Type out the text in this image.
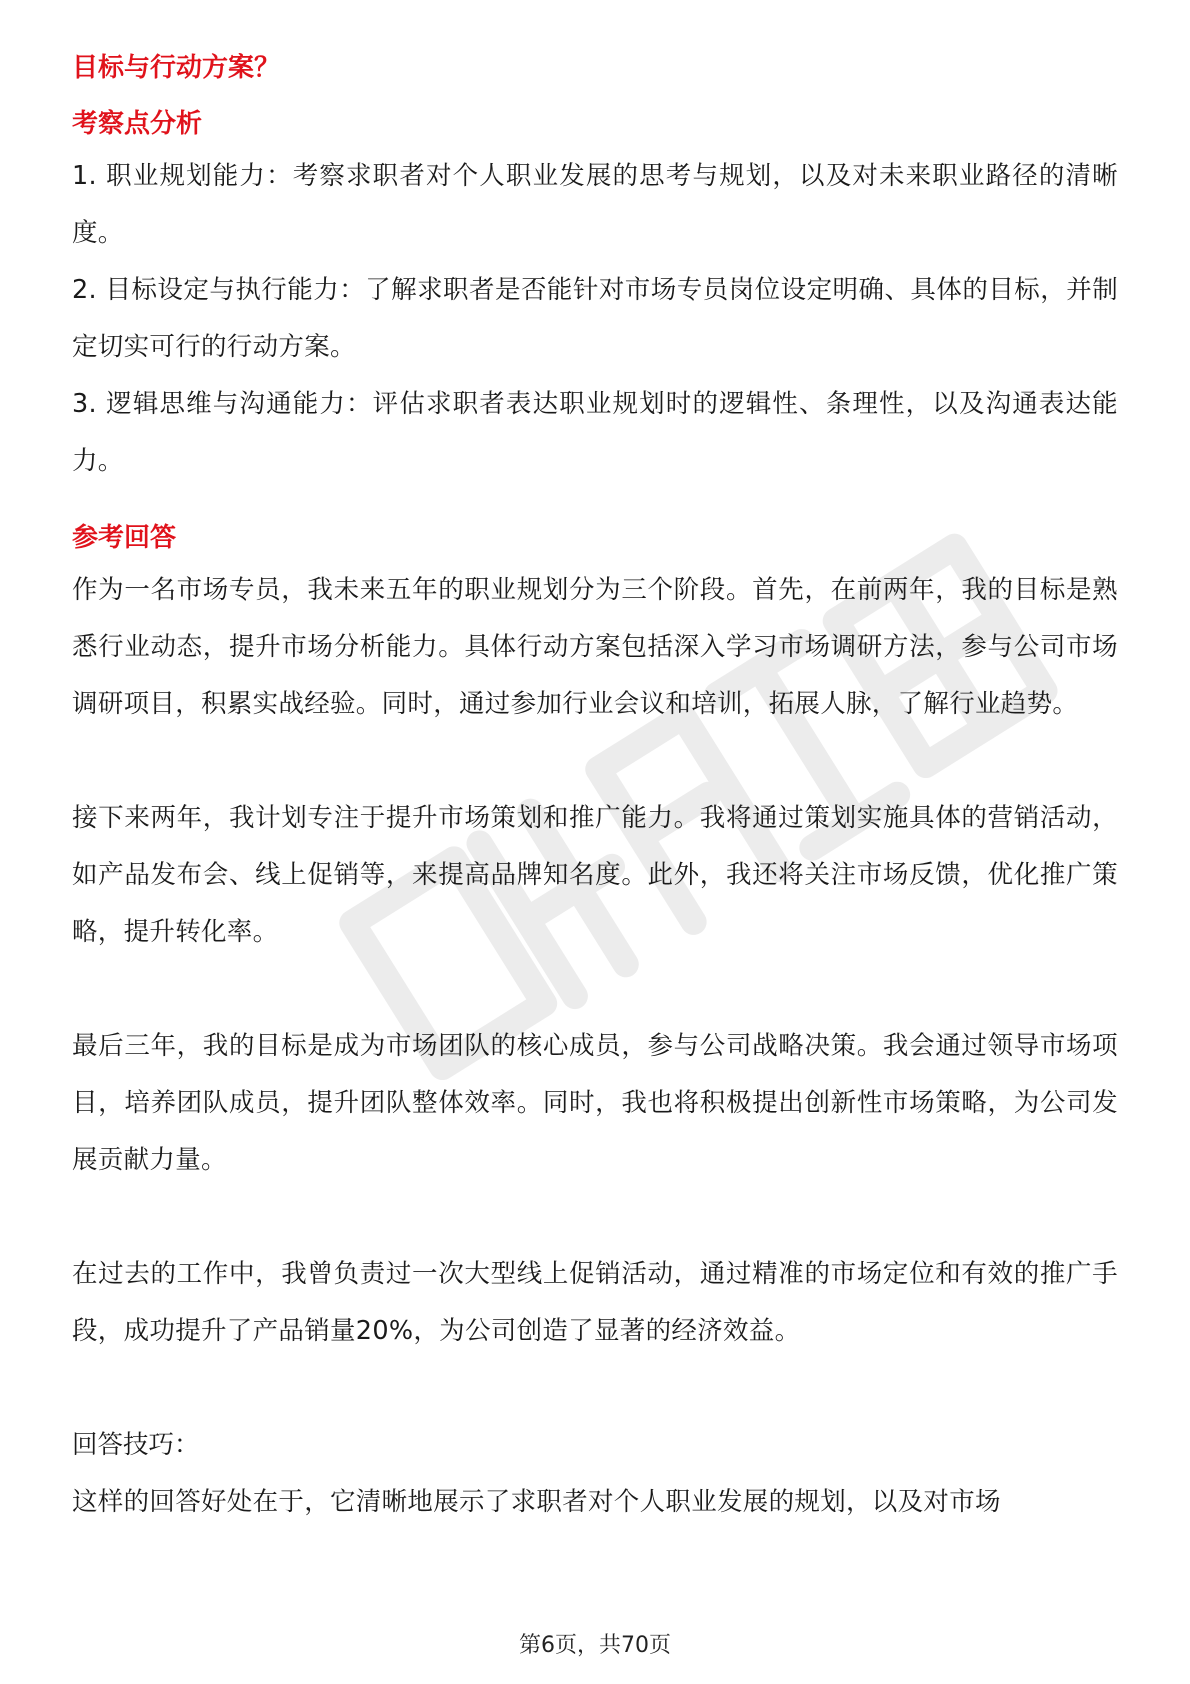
目标与行动方案？

考察点分析

1. 职业规划能力：考察求职者对个人职业发展的思考与规划，以及对未来职业路径的清晰度。

2. 目标设定与执行能力：了解求职者是否能针对市场专员岗位设定明确、具体的目标，并制定切实可行的行动方案。

3. 逻辑思维与沟通能力：评估求职者表达职业规划时的逻辑性、条理性，以及沟通表达能力。

参考回答

作为一名市场专员，我未来五年的职业规划分为三个阶段。首先，在前两年，我的目标是熟悉行业动态，提升市场分析能力。具体行动方案包括深入学习市场调研方法，参与公司市场调研项目，积累实战经验。同时，通过参加行业会议和培训，拓展人脉，了解行业趋势。

接下来两年，我计划专注于提升市场策划和推广能力。我将通过策划实施具体的营销活动，如产品发布会、线上促销等，来提高品牌知名度。此外，我还将关注市场反馈，优化推广策略，提升转化率。

最后三年，我的目标是成为市场团队的核心成员，参与公司战略决策。我会通过领导市场项目，培养团队成员，提升团队整体效率。同时，我也将积极提出创新性市场策略，为公司发展贡献力量。

在过去的工作中，我曾负责过一次大型线上促销活动，通过精准的市场定位和有效的推广手段，成功提升了产品销量20%，为公司创造了显著的经济效益。

回答技巧：

这样的回答好处在于，它清晰地展示了求职者对个人职业发展的规划，以及对市场

第6页，共70页
